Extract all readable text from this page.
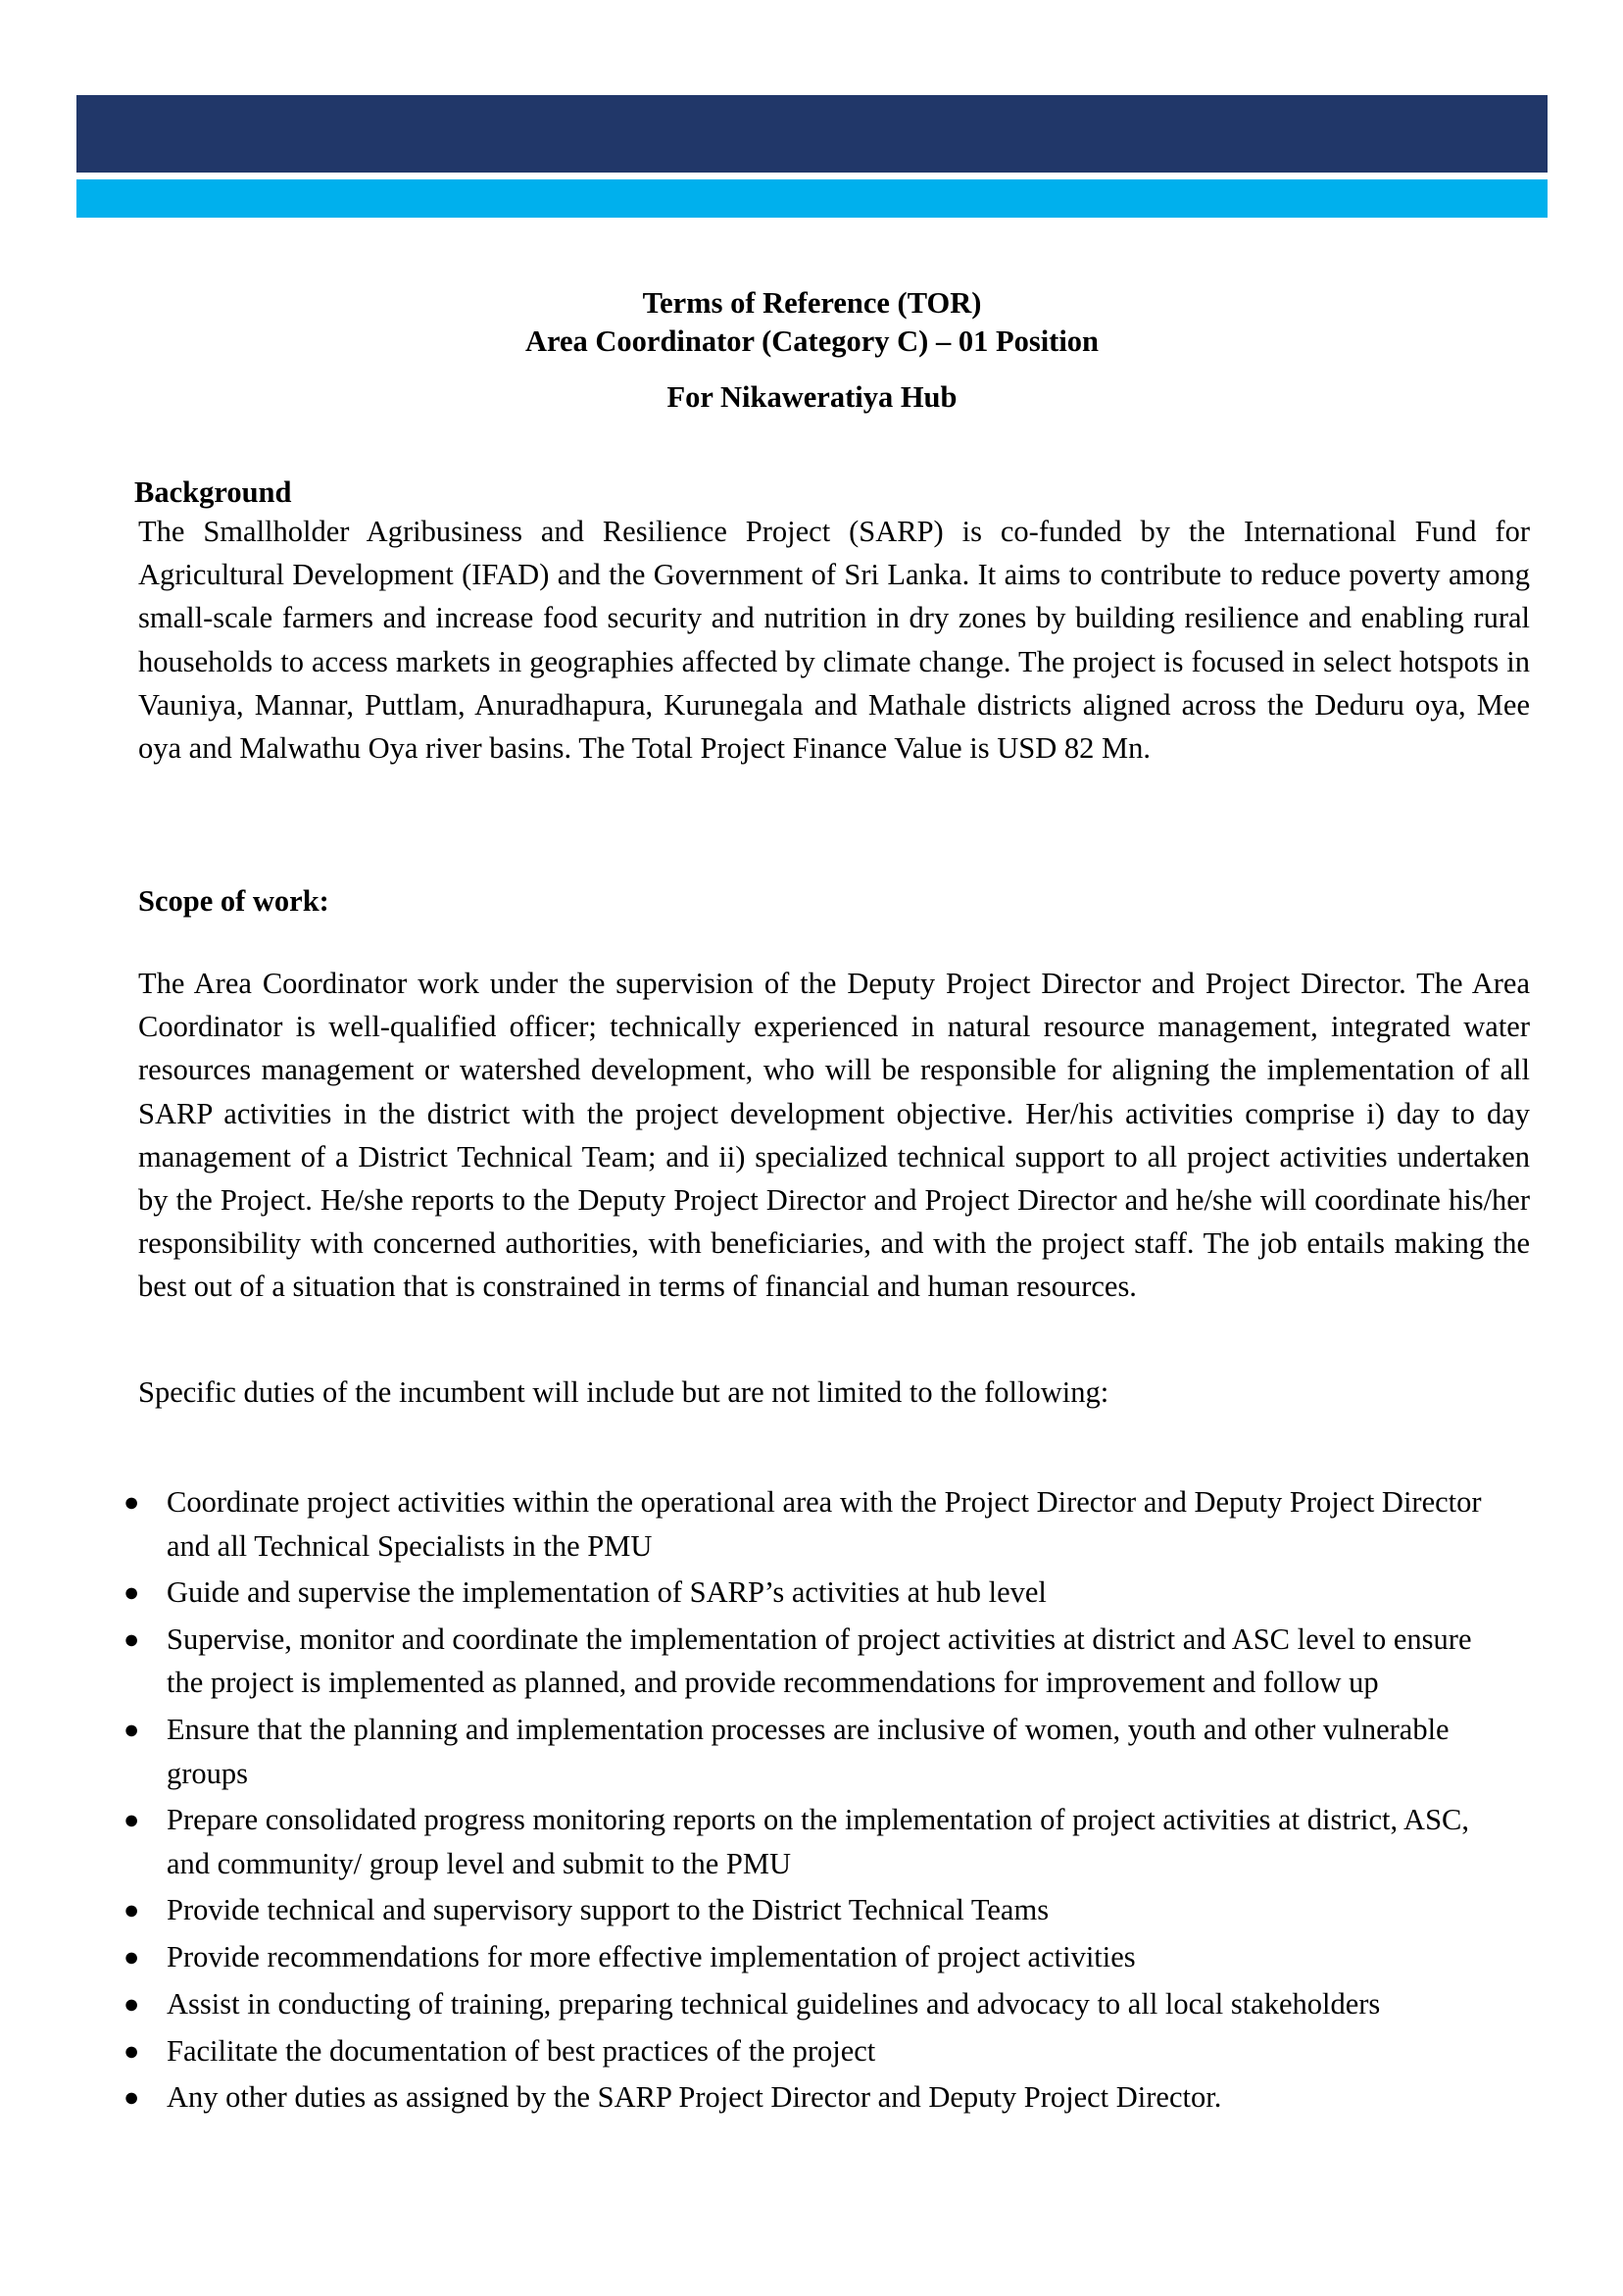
Terms of Reference (TOR)
Area Coordinator (Category C) – 01 Position
For Nikaweratiya Hub
Background
The Smallholder Agribusiness and Resilience Project (SARP) is co-funded by the International Fund for Agricultural Development (IFAD) and the Government of Sri Lanka. It aims to contribute to reduce poverty among small-scale farmers and increase food security and nutrition in dry zones by building resilience and enabling rural households to access markets in geographies affected by climate change. The project is focused in select hotspots in Vauniya, Mannar, Puttlam, Anuradhapura, Kurunegala and Mathale districts aligned across the Deduru oya, Mee oya and Malwathu Oya river basins. The Total Project Finance Value is USD 82 Mn.
Scope of work:
The Area Coordinator work under the supervision of the Deputy Project Director and Project Director. The Area Coordinator is well-qualified officer; technically experienced in natural resource management, integrated water resources management or watershed development, who will be responsible for aligning the implementation of all SARP activities in the district with the project development objective. Her/his activities comprise i) day to day management of a District Technical Team; and ii) specialized technical support to all project activities undertaken by the Project. He/she reports to the Deputy Project Director and Project Director and he/she will coordinate his/her responsibility with concerned authorities, with beneficiaries, and with the project staff. The job entails making the best out of a situation that is constrained in terms of financial and human resources.
Specific duties of the incumbent will include but are not limited to the following:
● Coordinate project activities within the operational area with the Project Director and Deputy Project Director and all Technical Specialists in the PMU
● Guide and supervise the implementation of SARP’s activities at hub level
● Supervise, monitor and coordinate the implementation of project activities at district and ASC level to ensure the project is implemented as planned, and provide recommendations for improvement and follow up
● Ensure that the planning and implementation processes are inclusive of women, youth and other vulnerable groups
● Prepare consolidated progress monitoring reports on the implementation of project activities at district, ASC, and community/ group level and submit to the PMU
● Provide technical and supervisory support to the District Technical Teams
● Provide recommendations for more effective implementation of project activities
● Assist in conducting of training, preparing technical guidelines and advocacy to all local stakeholders
● Facilitate the documentation of best practices of the project
● Any other duties as assigned by the SARP Project Director and Deputy Project Director.
